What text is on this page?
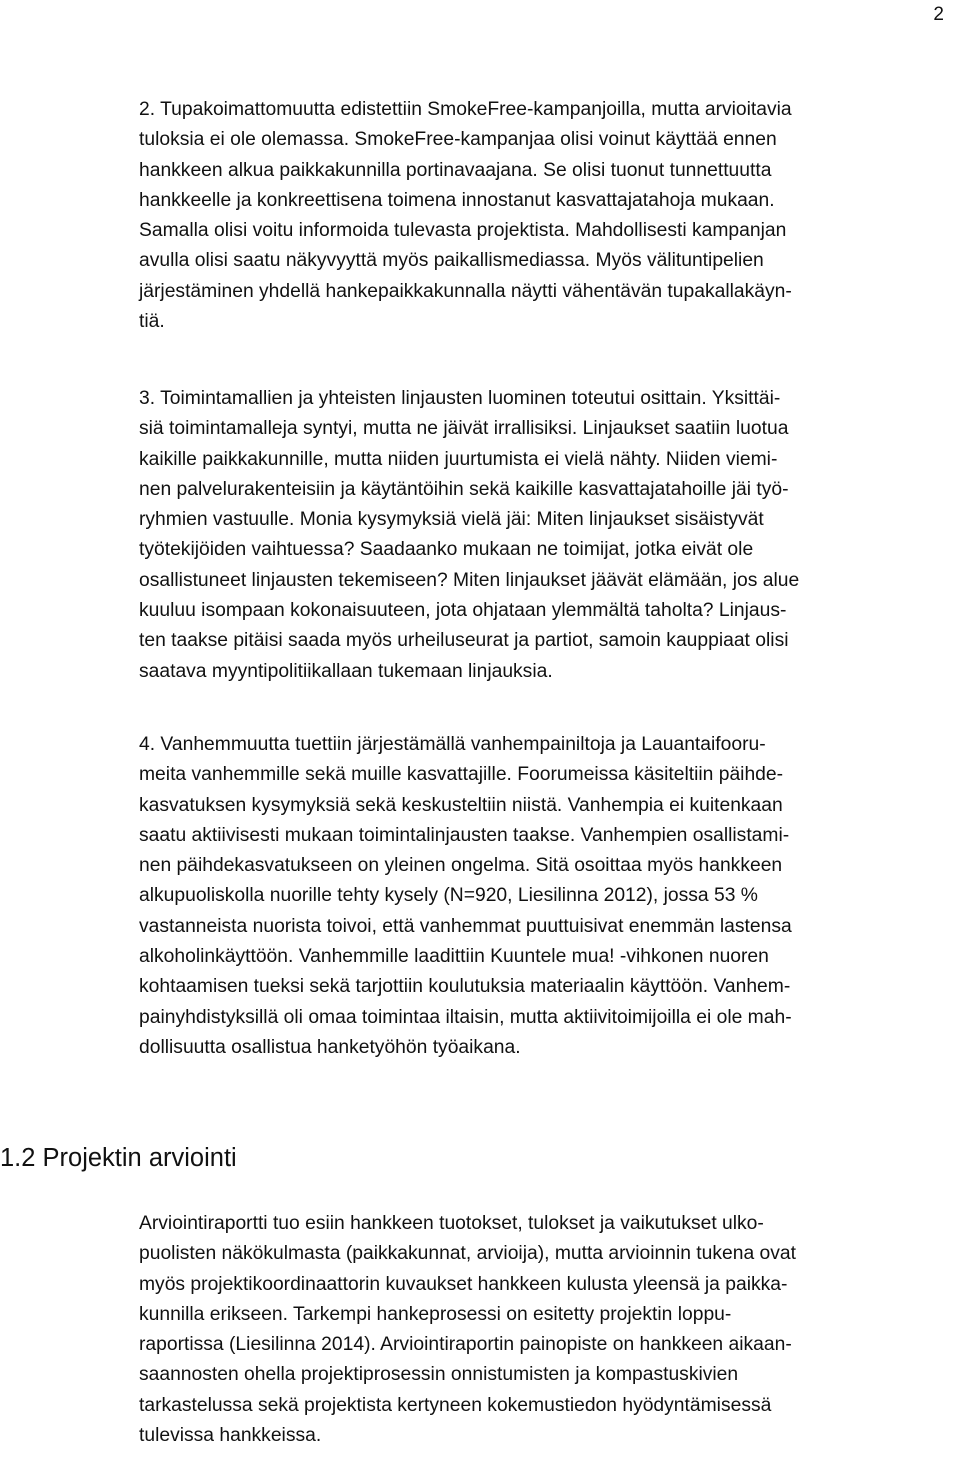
2

2. Tupakoimattomuutta edistettiin SmokeFree-kampanjoilla, mutta arvioitavia
tuloksia ei ole olemassa. SmokeFree-kampanjaa olisi voinut käyttää ennen
hankkeen alkua paikkakunnilla portinavaajana. Se olisi tuonut tunnettuutta
hankkeelle ja konkreettisena toimena innostanut kasvattajatahoja mukaan.
Samalla olisi voitu informoida tulevasta projektista. Mahdollisesti kampanjan
avulla olisi saatu näkyvyyttä myös paikallismediassa. Myös välituntipelien
järjestäminen yhdellä hankepaikkakunnalla näytti vähentävän tupakallakäyn-
tiä.

3. Toimintamallien ja yhteisten linjausten luominen toteutui osittain. Yksittäi-
siä toimintamalleja syntyi, mutta ne jäivät irrallisiksi. Linjaukset saatiin luotua
kaikille paikkakunnille, mutta niiden juurtumista ei vielä nähty. Niiden viemi-
nen palvelurakenteisiin ja käytäntöihin sekä kaikille kasvattajatahoille jäi työ-
ryhmien vastuulle. Monia kysymyksiä vielä jäi: Miten linjaukset sisäistyvät
työtekijöiden vaihtuessa? Saadaanko mukaan ne toimijat, jotka eivät ole
osallistuneet linjausten tekemiseen? Miten linjaukset jäävät elämään, jos alue
kuuluu isompaan kokonaisuuteen, jota ohjataan ylemmältä taholta? Linjaus-
ten taakse pitäisi saada myös urheiluseurat ja partiot, samoin kauppiaat olisi
saatava myyntipolitiikallaan tukemaan linjauksia.

4. Vanhemmuutta tuettiin järjestämällä vanhempainiltoja ja Lauantaifooru-
meita vanhemmille sekä muille kasvattajille. Foorumeissa käsiteltiin päihde-
kasvatuksen kysymyksiä sekä keskusteltiin niistä. Vanhempia ei kuitenkaan
saatu aktiivisesti mukaan toimintalinjausten taakse. Vanhempien osallistami-
nen päihdekasvatukseen on yleinen ongelma. Sitä osoittaa myös hankkeen
alkupuoliskolla nuorille tehty kysely (N=920, Liesilinna 2012), jossa 53 %
vastanneista nuorista toivoi, että vanhemmat puuttuisivat enemmän lastensa
alkoholinkäyttöön. Vanhemmille laadittiin Kuuntele mua! -vihkonen nuoren
kohtaamisen tueksi sekä tarjottiin koulutuksia materiaalin käyttöön. Vanhem-
painyhdistyksillä oli omaa toimintaa iltaisin, mutta aktiivitoimijoilla ei ole mah-
dollisuutta osallistua hanketyöhön työaikana.

1.2 Projektin arviointi

Arviointiraportti tuo esiin hankkeen tuotokset, tulokset ja vaikutukset ulko-
puolisten näkökulmasta (paikkakunnat, arvioija), mutta arvioinnin tukena ovat
myös projektikoordinaattorin kuvaukset hankkeen kulusta yleensä ja paikka-
kunnilla erikseen. Tarkempi hankeprosessi on esitetty projektin loppu-
raportissa (Liesilinna 2014). Arviointiraportin painopiste on hankkeen aikaan-
saannosten ohella projektiprosessin onnistumisten ja kompastuskivien
tarkastelussa sekä projektista kertyneen kokemustiedon hyödyntämisessä
tulevissa hankkeissa.
